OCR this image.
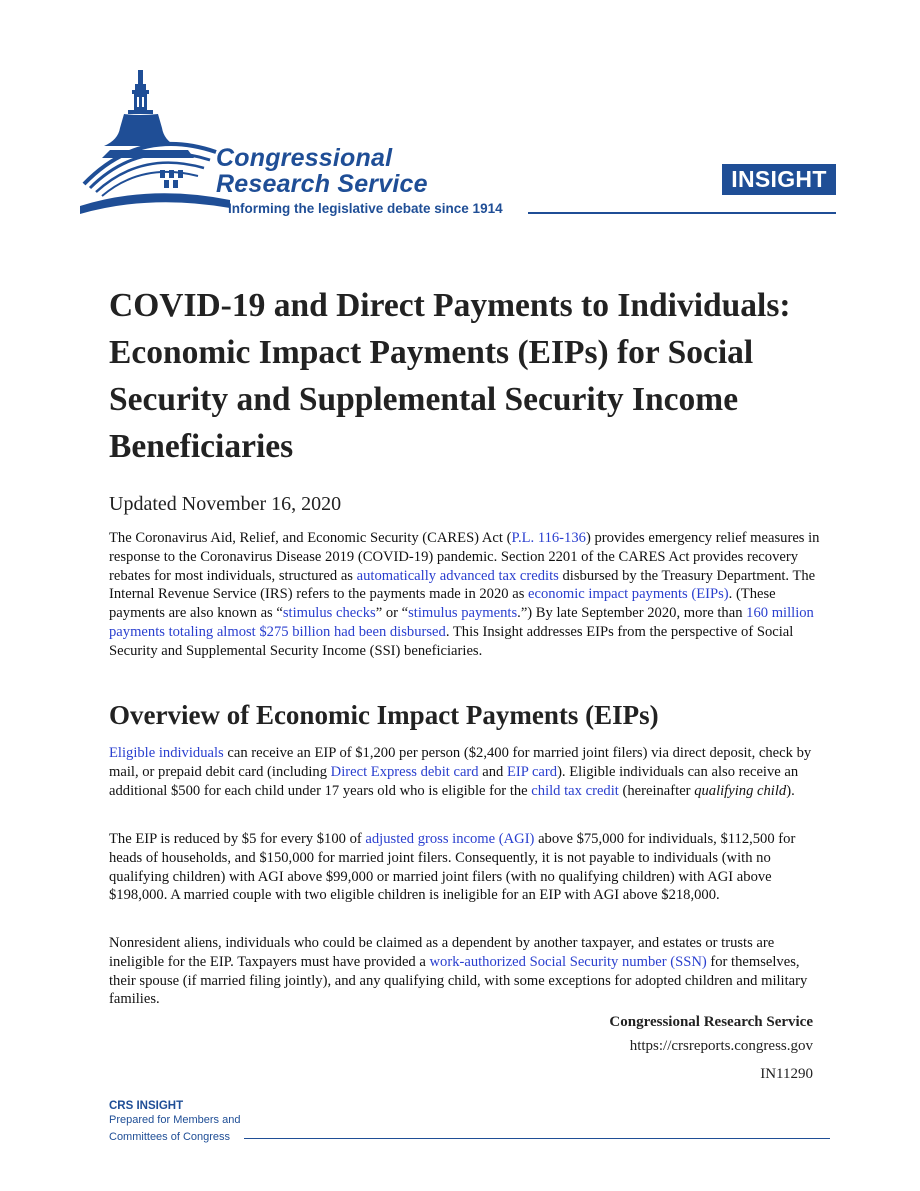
Congressional
Research Service
Informing the legislative debate since 1914
INSIGHT
COVID-19 and Direct Payments to Individuals: Economic Impact Payments (EIPs) for Social Security and Supplemental Security Income Beneficiaries

Updated November 16, 2020

The Coronavirus Aid, Relief, and Economic Security (CARES) Act (P.L. 116-136) provides emergency relief measures in response to the Coronavirus Disease 2019 (COVID-19) pandemic. Section 2201 of the CARES Act provides recovery rebates for most individuals, structured as automatically advanced tax credits disbursed by the Treasury Department. The Internal Revenue Service (IRS) refers to the payments made in 2020 as economic impact payments (EIPs). (These payments are also known as “stimulus checks” or “stimulus payments.”) By late September 2020, more than 160 million payments totaling almost $275 billion had been disbursed. This Insight addresses EIPs from the perspective of Social Security and Supplemental Security Income (SSI) beneficiaries.

Overview of Economic Impact Payments (EIPs)

Eligible individuals can receive an EIP of $1,200 per person ($2,400 for married joint filers) via direct deposit, check by mail, or prepaid debit card (including Direct Express debit card and EIP card). Eligible individuals can also receive an additional $500 for each child under 17 years old who is eligible for the child tax credit (hereinafter qualifying child).

The EIP is reduced by $5 for every $100 of adjusted gross income (AGI) above $75,000 for individuals, $112,500 for heads of households, and $150,000 for married joint filers. Consequently, it is not payable to individuals (with no qualifying children) with AGI above $99,000 or married joint filers (with no qualifying children) with AGI above $198,000. A married couple with two eligible children is ineligible for an EIP with AGI above $218,000.

Nonresident aliens, individuals who could be claimed as a dependent by another taxpayer, and estates or trusts are ineligible for the EIP. Taxpayers must have provided a work-authorized Social Security number (SSN) for themselves, their spouse (if married filing jointly), and any qualifying child, with some exceptions for adopted children and military families.

Congressional Research Service
https://crsreports.congress.gov
IN11290
CRS INSIGHT
Prepared for Members and
Committees of Congress
